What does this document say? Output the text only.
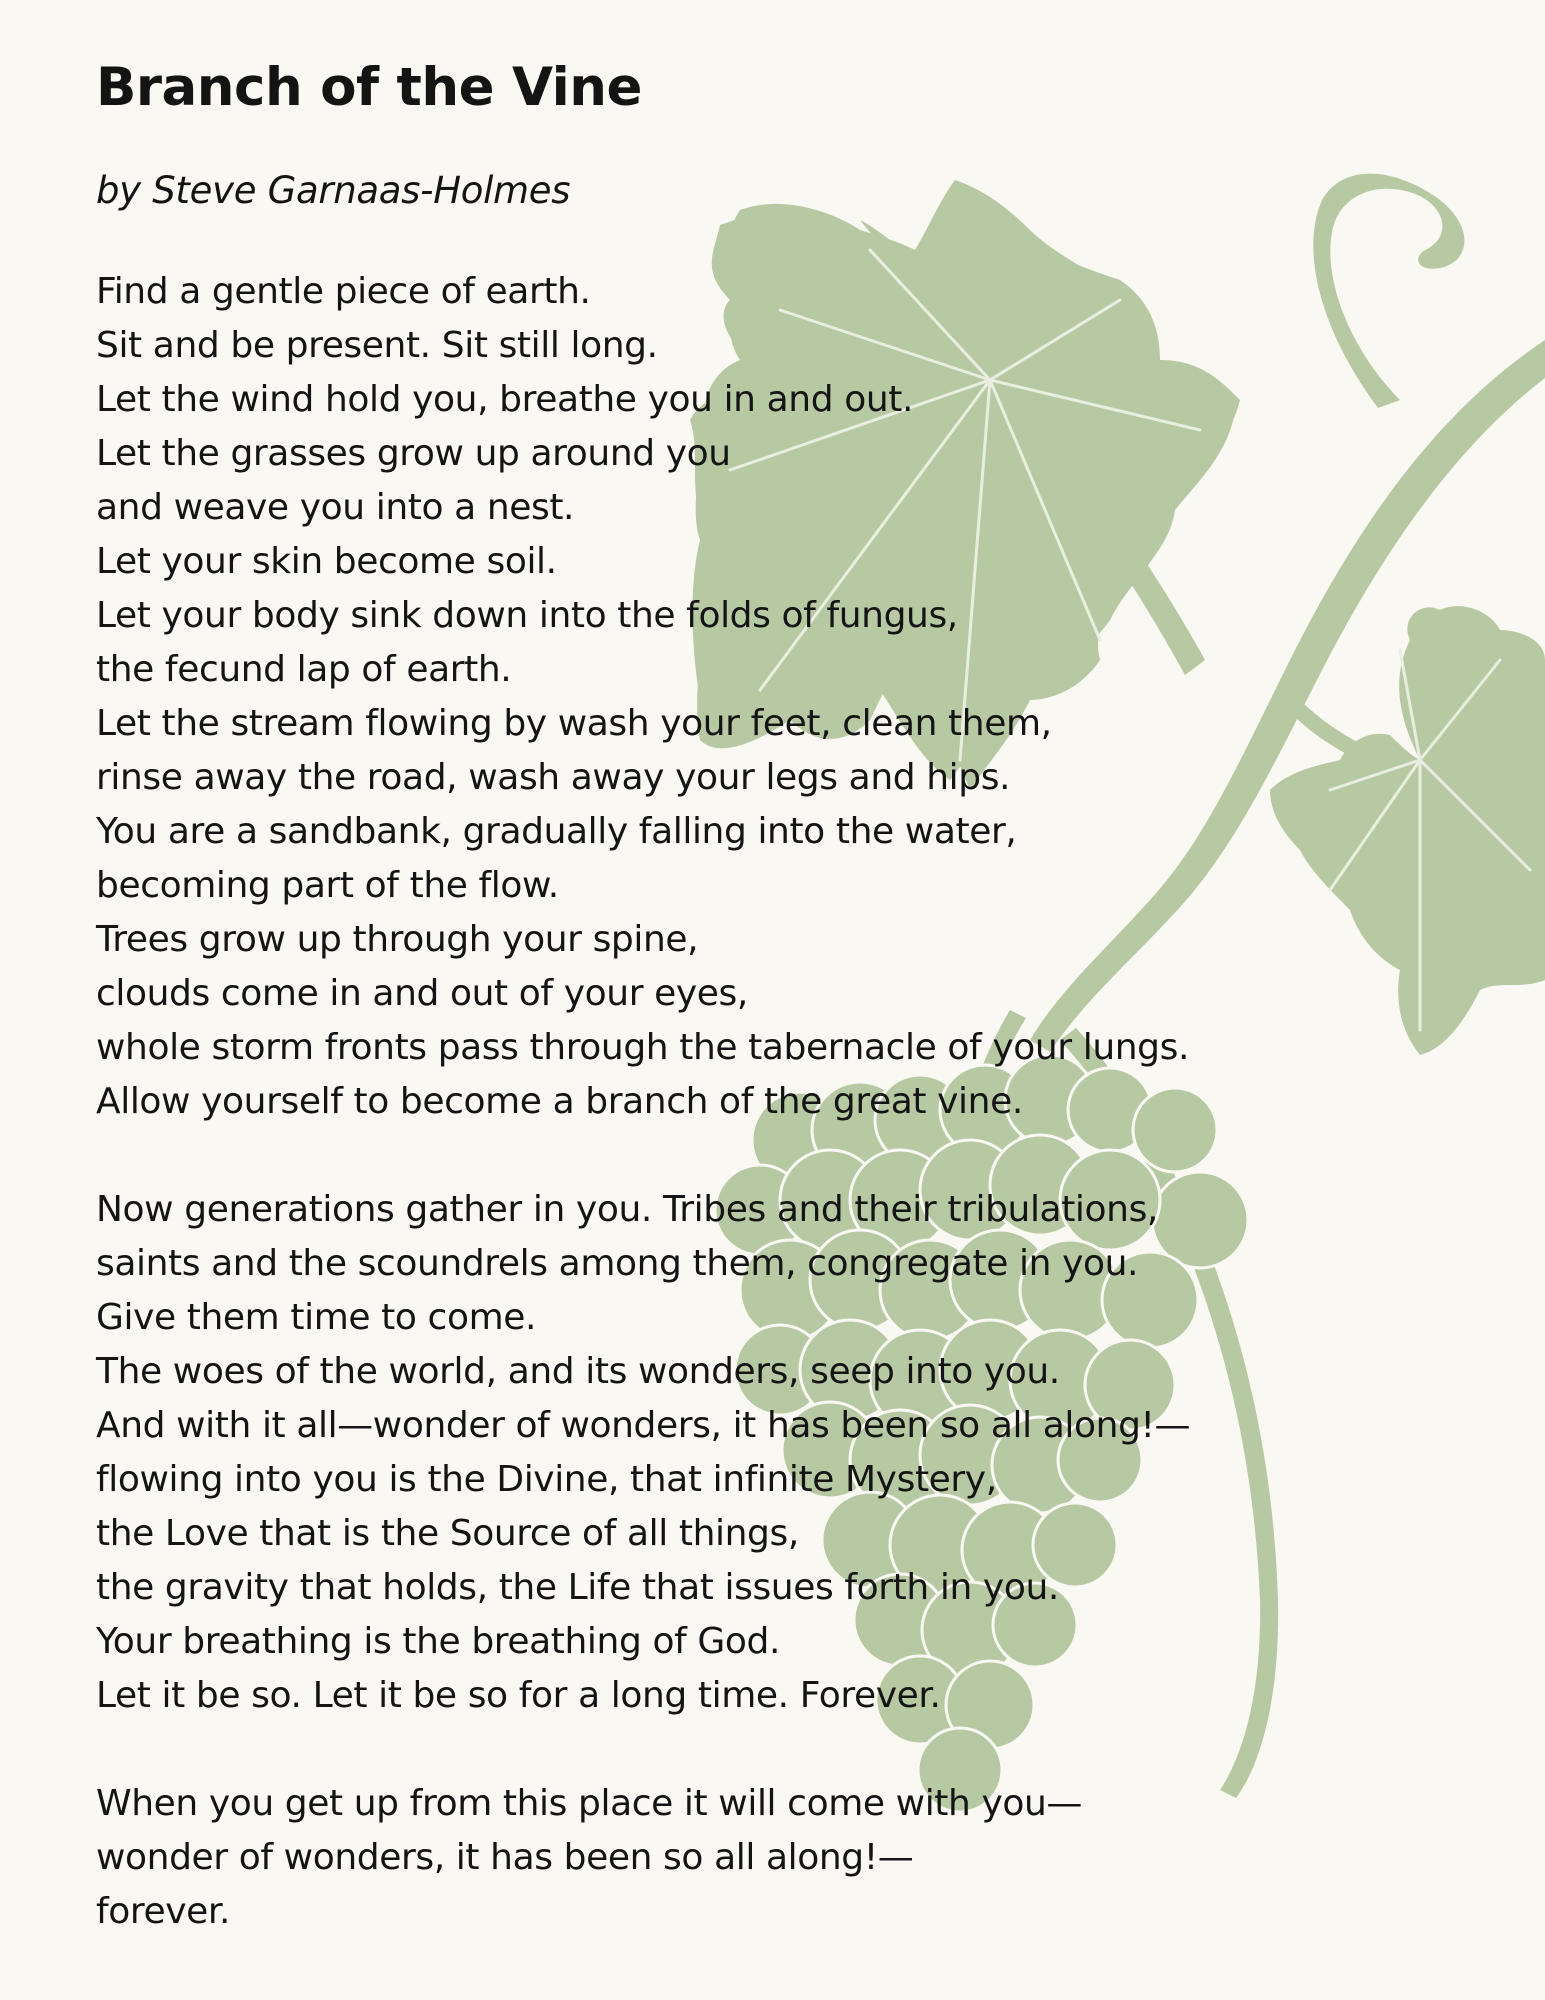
Branch of the Vine

by Steve Garnaas-Holmes

Find a gentle piece of earth.
Sit and be present. Sit still long.
Let the wind hold you, breathe you in and out.
Let the grasses grow up around you
and weave you into a nest.
Let your skin become soil.
Let your body sink down into the folds of fungus,
the fecund lap of earth.
Let the stream flowing by wash your feet, clean them,
rinse away the road, wash away your legs and hips.
You are a sandbank, gradually falling into the water,
becoming part of the flow.
Trees grow up through your spine,
clouds come in and out of your eyes,
whole storm fronts pass through the tabernacle of your lungs.
Allow yourself to become a branch of the great vine.

Now generations gather in you. Tribes and their tribulations,
saints and the scoundrels among them, congregate in you.
Give them time to come.
The woes of the world, and its wonders, seep into you.
And with it all—wonder of wonders, it has been so all along!—
flowing into you is the Divine, that infinite Mystery,
the Love that is the Source of all things,
the gravity that holds, the Life that issues forth in you.
Your breathing is the breathing of God.
Let it be so. Let it be so for a long time. Forever.

When you get up from this place it will come with you—
wonder of wonders, it has been so all along!—
forever.
